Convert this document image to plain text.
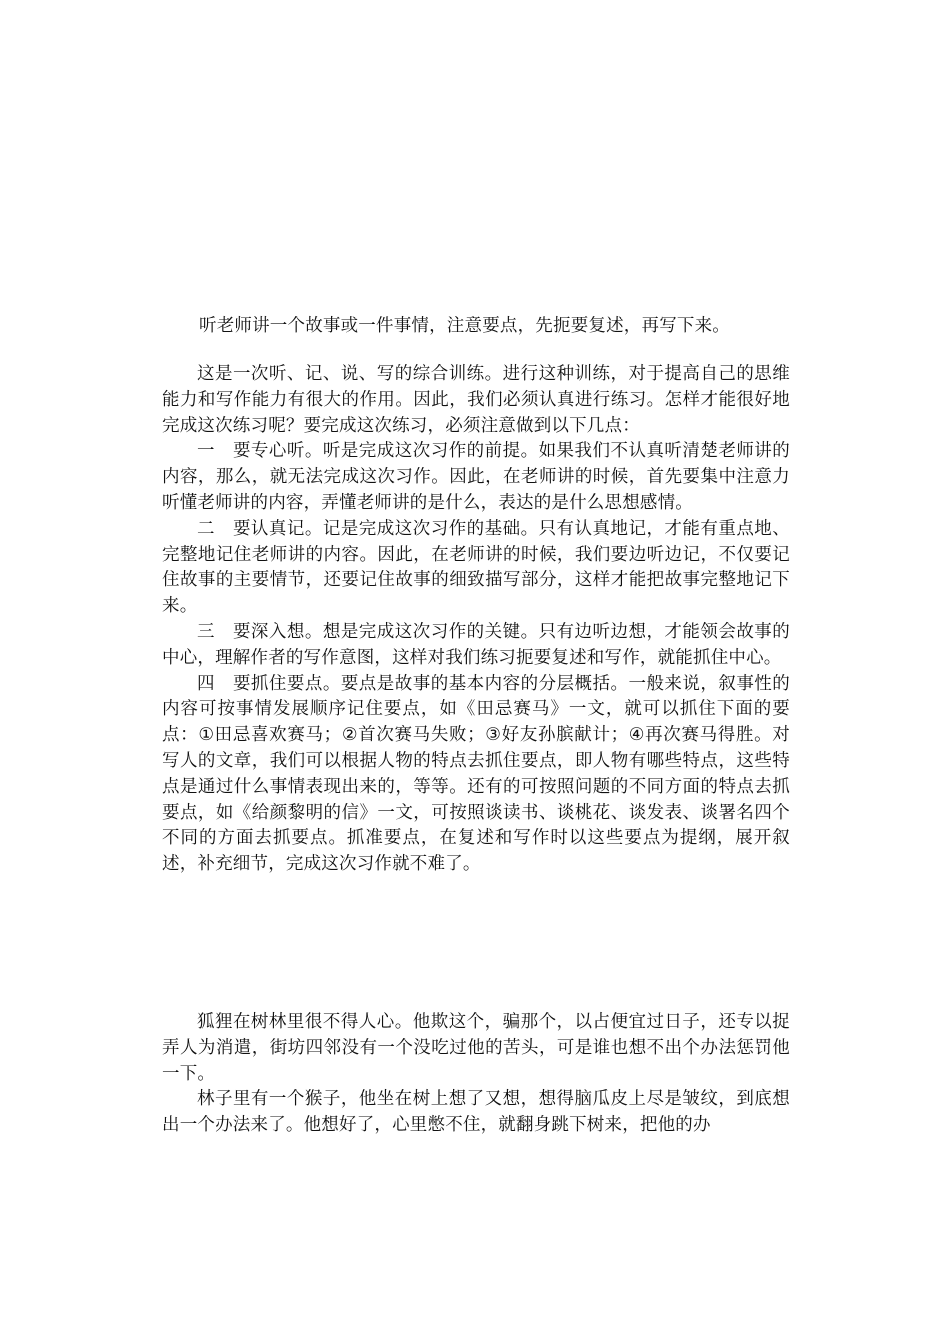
听老师讲一个故事或一件事情，注意要点，先扼要复述，再写下来。

这是一次听、记、说、写的综合训练。进行这种训练，对于提高自己的思维能力和写作能力有很大的作用。因此，我们必须认真进行练习。怎样才能很好地完成这次练习呢？要完成这次练习，必须注意做到以下几点：

一　要专心听。听是完成这次习作的前提。如果我们不认真听清楚老师讲的内容，那么，就无法完成这次习作。因此，在老师讲的时候，首先要集中注意力听懂老师讲的内容，弄懂老师讲的是什么，表达的是什么思想感情。

二　要认真记。记是完成这次习作的基础。只有认真地记，才能有重点地、完整地记住老师讲的内容。因此，在老师讲的时候，我们要边听边记，不仅要记住故事的主要情节，还要记住故事的细致描写部分，这样才能把故事完整地记下来。

三　要深入想。想是完成这次习作的关键。只有边听边想，才能领会故事的中心，理解作者的写作意图，这样对我们练习扼要复述和写作，就能抓住中心。

四　要抓住要点。要点是故事的基本内容的分层概括。一般来说，叙事性的内容可按事情发展顺序记住要点，如《田忌赛马》一文，就可以抓住下面的要点：①田忌喜欢赛马；②首次赛马失败；③好友孙膑献计；④再次赛马得胜。对写人的文章，我们可以根据人物的特点去抓住要点，即人物有哪些特点，这些特点是通过什么事情表现出来的，等等。还有的可按照问题的不同方面的特点去抓要点，如《给颜黎明的信》一文，可按照谈读书、谈桃花、谈发表、谈署名四个不同的方面去抓要点。抓准要点，在复述和写作时以这些要点为提纲，展开叙述，补充细节，完成这次习作就不难了。

狐狸在树林里很不得人心。他欺这个，骗那个，以占便宜过日子，还专以捉弄人为消遣，街坊四邻没有一个没吃过他的苦头，可是谁也想不出个办法惩罚他一下。

林子里有一个猴子，他坐在树上想了又想，想得脑瓜皮上尽是皱纹，到底想出一个办法来了。他想好了，心里憋不住，就翻身跳下树来，把他的办
